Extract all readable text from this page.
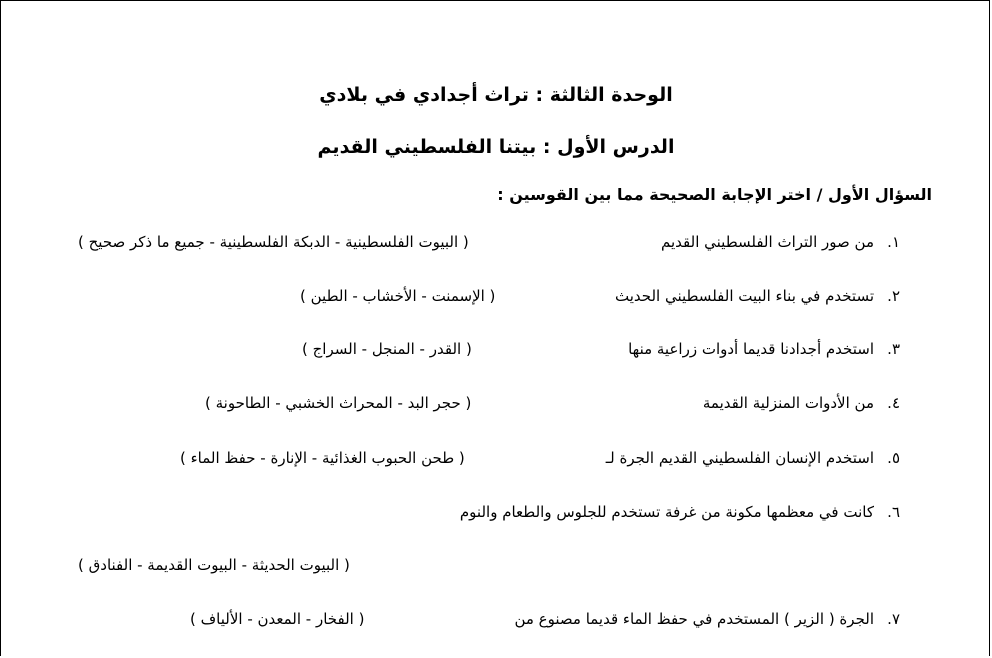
الوحدة الثالثة : تراث أجدادي في بلادي
الدرس الأول : بيتنا الفلسطيني القديم
السؤال الأول / اختر الإجابة الصحيحة مما بين القوسين :
١.
من صور التراث الفلسطيني القديم
( البيوت الفلسطينية - الدبكة الفلسطينية - جميع ما ذكر صحيح )
٢.
تستخدم في بناء البيت الفلسطيني الحديث
( الإسمنت - الأخشاب - الطين )
٣.
استخدم أجدادنا قديما أدوات زراعية منها
( القدر - المنجل - السراج )
٤.
من الأدوات المنزلية القديمة
( حجر البد - المحراث الخشبي - الطاحونة )
٥.
استخدم الإنسان الفلسطيني القديم الجرة لـ
( طحن الحبوب الغذائية - الإنارة - حفظ الماء )
٦.
كانت في معظمها مكونة من غرفة تستخدم للجلوس والطعام والنوم
( البيوت الحديثة - البيوت القديمة - الفنادق )
٧.
الجرة ( الزير ) المستخدم في حفظ الماء قديما مصنوع من
( الفخار - المعدن - الألياف )
